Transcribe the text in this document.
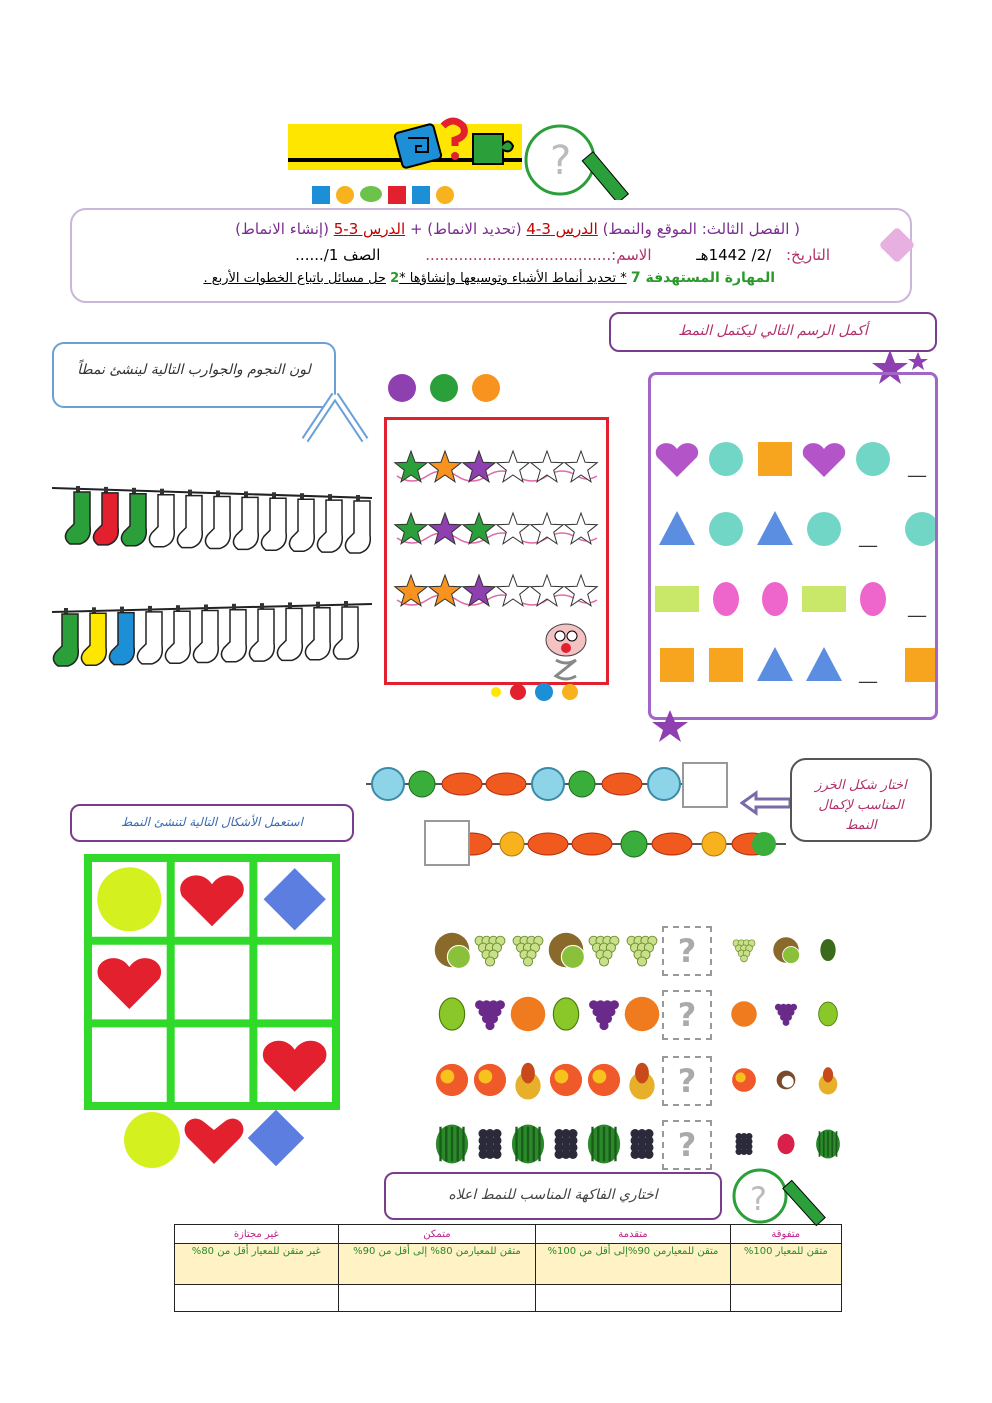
?
( الفصل الثالث: الموقع والنمط) الدرس 3-4 (تحديد الانماط) + الدرس 3-5 (إنشاء الانماط)
التاريخ: /2/ 1442هـ الاسم:....................................... الصف 1/......
المهارة المستهدفة 7 * تحديد أنماط الأشياء وتوسيعها وإنشاؤها *2 حل مسائل باتباع الخطوات الأربع .
لون النجوم والجوارب التالية لينشئ نمطاً
أكمل الرسم التالي ليكتمل النمط
__
__
__
__
اختار شكل الخرز المناسب لإكمال النمط
استعمل الأشكال التالية لتنشئ النمط
اختاري الفاكهة المناسب للنمط اعلاه	?
متفوقة	متقدمة	متمكن	غير مجتازة
متقن للمعيار 100%	متقن للمعيارمن 90%إلى أقل من 100%	متقن للمعيارمن 80% إلى أقل من 90%	غير متقن للمعيار أقل من 80%

?
?
?
?
